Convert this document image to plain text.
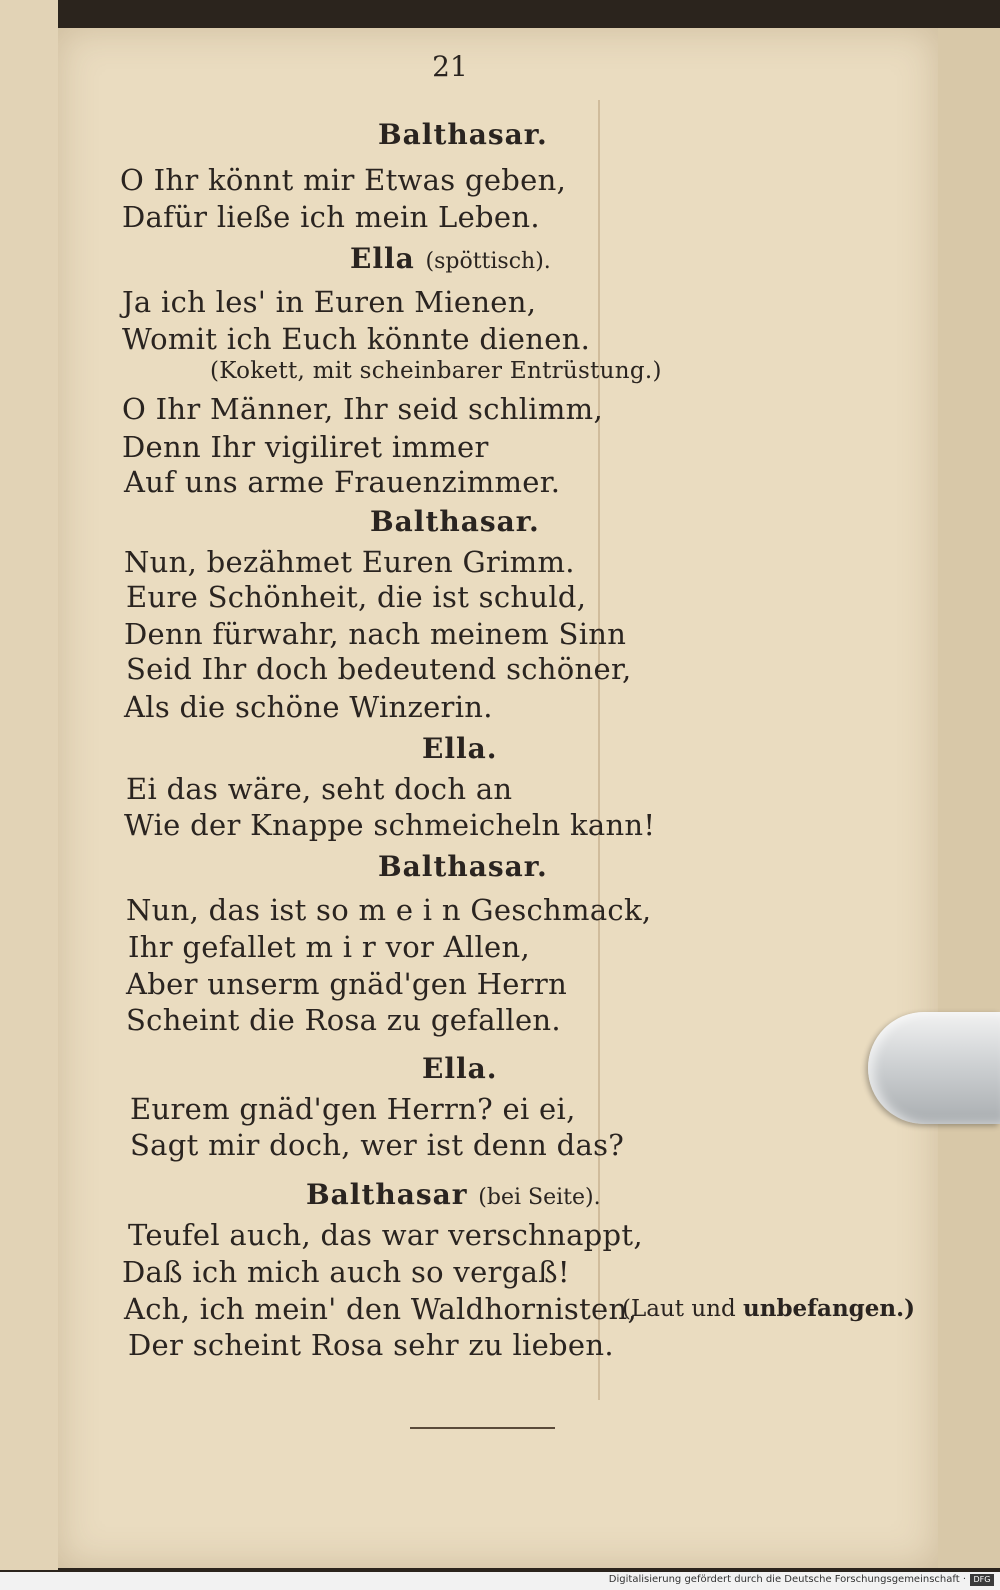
21
Balthasar.
O Ihr könnt mir Etwas geben,
Dafür ließe ich mein Leben.
Ella (spöttisch).
Ja ich les' in Euren Mienen,
Womit ich Euch könnte dienen.
(Kokett, mit scheinbarer Entrüstung.)
O Ihr Männer, Ihr seid schlimm,
Denn Ihr vigiliret immer
Auf uns arme Frauenzimmer.
Balthasar.
Nun, bezähmet Euren Grimm.
Eure Schönheit, die ist schuld,
Denn fürwahr, nach meinem Sinn
Seid Ihr doch bedeutend schöner,
Als die schöne Winzerin.
Ella.
Ei das wäre, seht doch an
Wie der Knappe schmeicheln kann!
Balthasar.
Nun, das ist so m e i n Geschmack,
Ihr gefallet m i r vor Allen,
Aber unserm gnäd'gen Herrn
Scheint die Rosa zu gefallen.
Ella.
Eurem gnäd'gen Herrn? ei ei,
Sagt mir doch, wer ist denn das?
Balthasar (bei Seite).
Teufel auch, das war verschnappt,
Daß ich mich auch so vergaß!
Ach, ich mein' den Waldhornisten,
Der scheint Rosa sehr zu lieben.
(Laut und unbefangen.)
Digitalisierung gefördert durch die Deutsche Forschungsgemeinschaft · DFG
